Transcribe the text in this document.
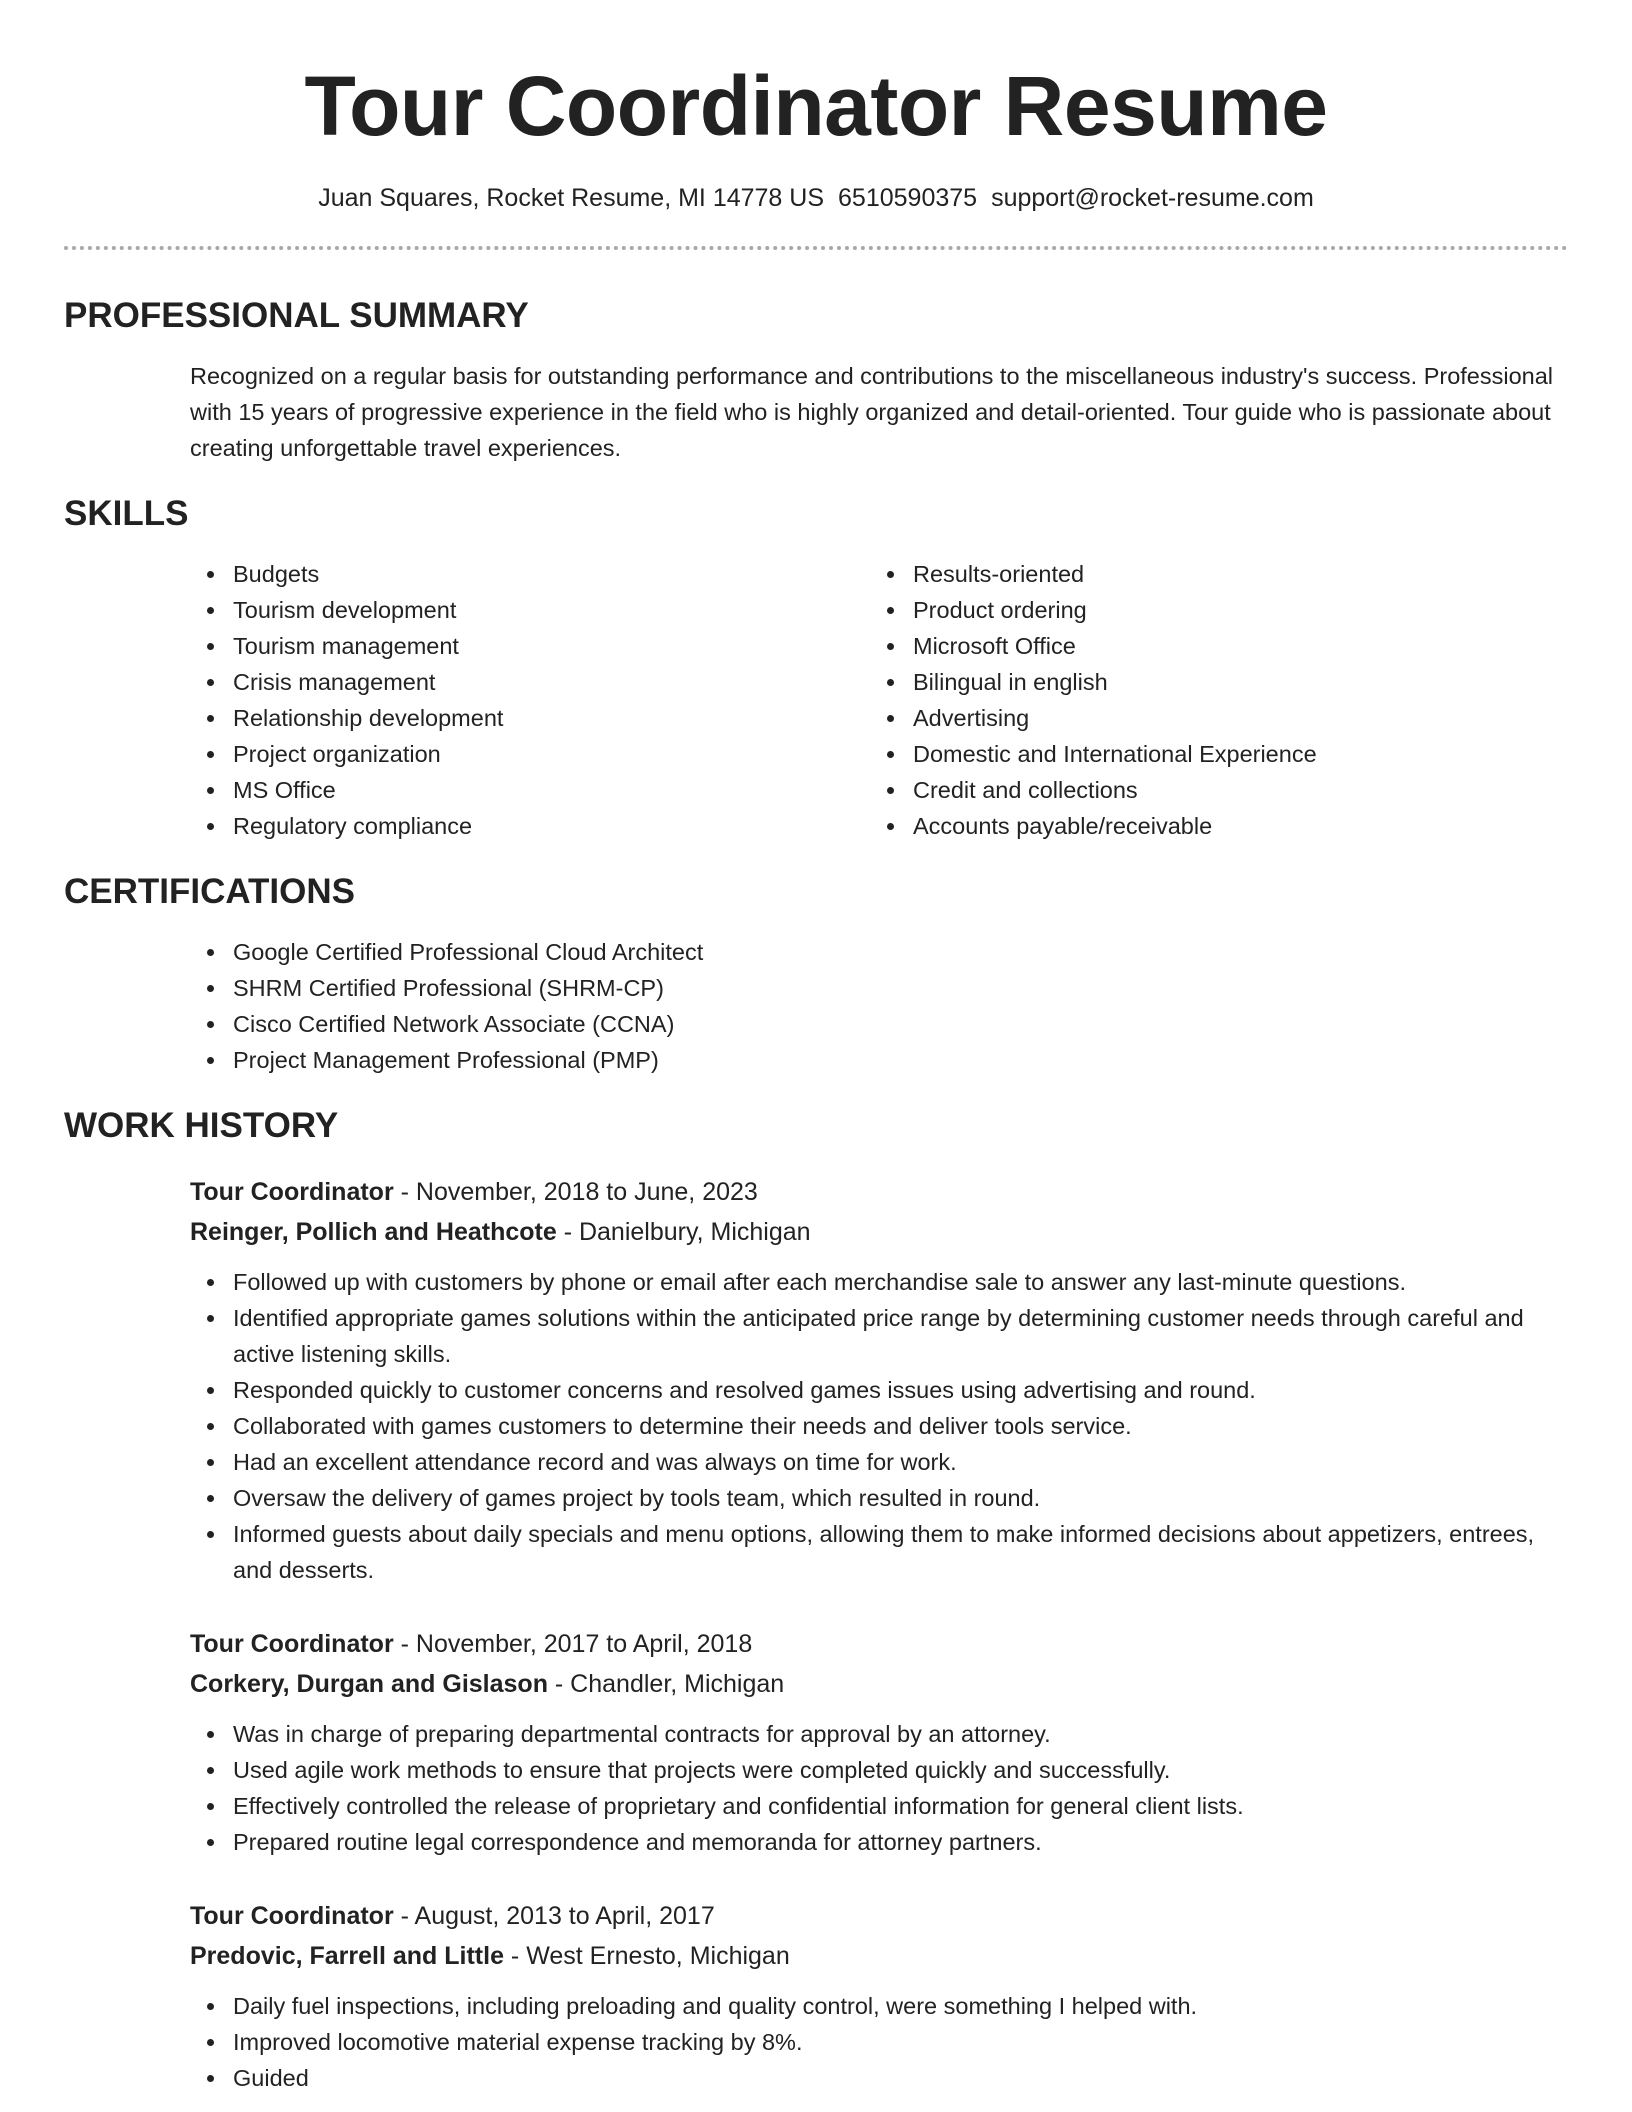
Tour Coordinator Resume
Juan Squares, Rocket Resume, MI 14778 US 6510590375 support@rocket-resume.com
PROFESSIONAL SUMMARY
Recognized on a regular basis for outstanding performance and contributions to the miscellaneous industry's success. Professional with 15 years of progressive experience in the field who is highly organized and detail-oriented. Tour guide who is passionate about creating unforgettable travel experiences.
SKILLS
Budgets
Tourism development
Tourism management
Crisis management
Relationship development
Project organization
MS Office
Regulatory compliance
Results-oriented
Product ordering
Microsoft Office
Bilingual in english
Advertising
Domestic and International Experience
Credit and collections
Accounts payable/receivable
CERTIFICATIONS
Google Certified Professional Cloud Architect
SHRM Certified Professional (SHRM-CP)
Cisco Certified Network Associate (CCNA)
Project Management Professional (PMP)
WORK HISTORY
Tour Coordinator - November, 2018 to June, 2023
Reinger, Pollich and Heathcote - Danielbury, Michigan
Followed up with customers by phone or email after each merchandise sale to answer any last-minute questions.
Identified appropriate games solutions within the anticipated price range by determining customer needs through careful and active listening skills.
Responded quickly to customer concerns and resolved games issues using advertising and round.
Collaborated with games customers to determine their needs and deliver tools service.
Had an excellent attendance record and was always on time for work.
Oversaw the delivery of games project by tools team, which resulted in round.
Informed guests about daily specials and menu options, allowing them to make informed decisions about appetizers, entrees, and desserts.
Tour Coordinator - November, 2017 to April, 2018
Corkery, Durgan and Gislason - Chandler, Michigan
Was in charge of preparing departmental contracts for approval by an attorney.
Used agile work methods to ensure that projects were completed quickly and successfully.
Effectively controlled the release of proprietary and confidential information for general client lists.
Prepared routine legal correspondence and memoranda for attorney partners.
Tour Coordinator - August, 2013 to April, 2017
Predovic, Farrell and Little - West Ernesto, Michigan
Daily fuel inspections, including preloading and quality control, were something I helped with.
Improved locomotive material expense tracking by 8%.
Guided
